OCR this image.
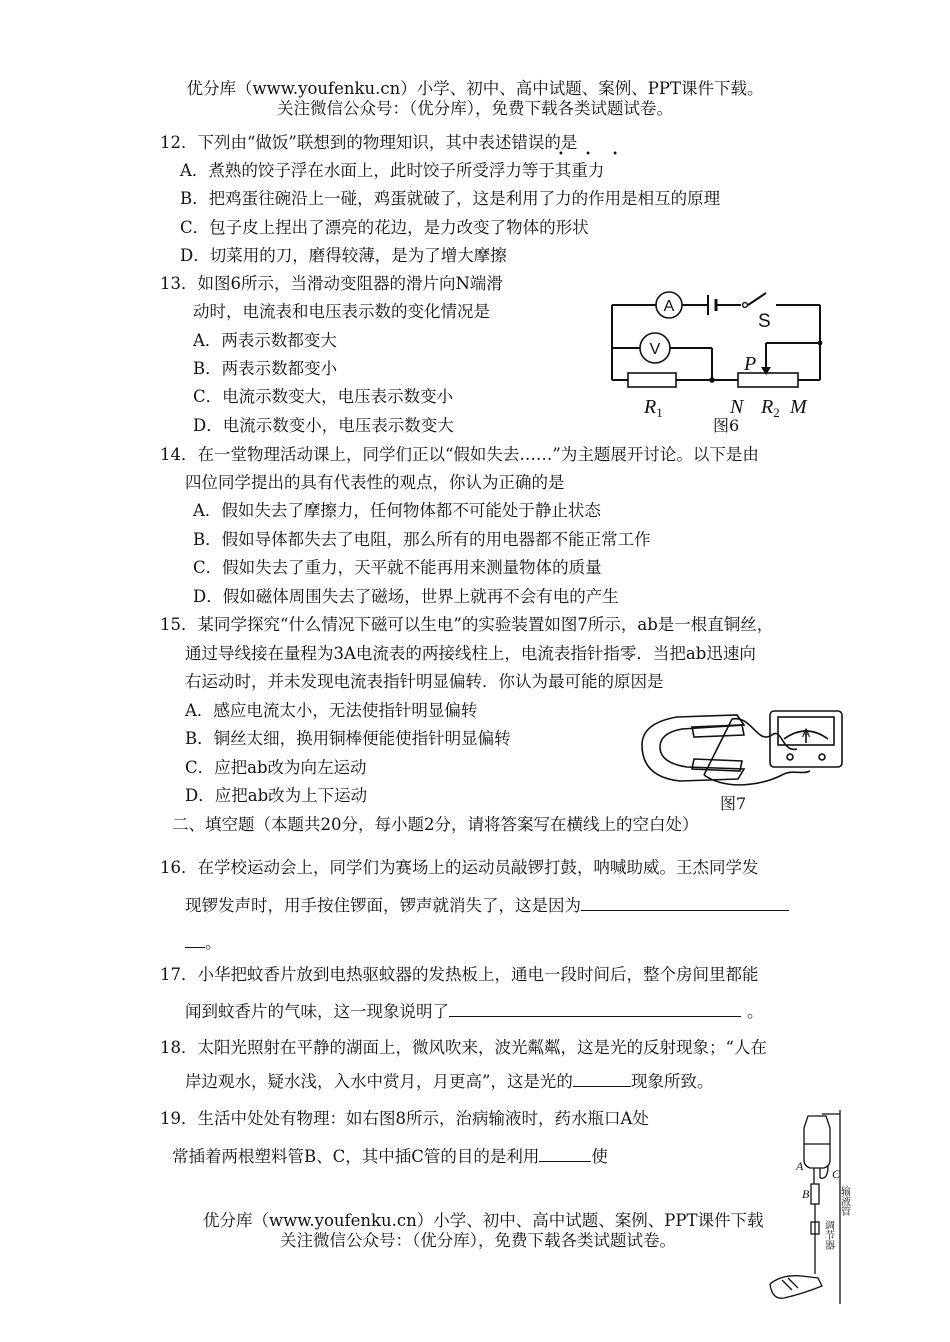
优分库（www.youfenku.cn）小学、初中、高中试题、案例、PPT课件下载。
关注微信公众号：（优分库），免费下载各类试题试卷。
12．下列由“做饭”联想到的物理知识，其中表述错误的是
• • •
A．煮熟的饺子浮在水面上，此时饺子所受浮力等于其重力
B．把鸡蛋往碗沿上一碰，鸡蛋就破了，这是利用了力的作用是相互的原理
C．包子皮上捏出了漂亮的花边，是力改变了物体的形状
D．切菜用的刀，磨得较薄，是为了增大摩擦
13．如图6所示，当滑动变阻器的滑片向N端滑
动时，电流表和电压表示数的变化情况是
A．两表示数都变大
B．两表示数都变小
C．电流示数变大，电压表示数变小
D．电流示数变小，电压表示数变大
A
V
S
P
$R_1$	N $R_2$ M
图6
14．在一堂物理活动课上，同学们正以“假如失去……”为主题展开讨论。以下是由
四位同学提出的具有代表性的观点，你认为正确的是
A．假如失去了摩擦力，任何物体都不可能处于静止状态
B．假如导体都失去了电阻，那么所有的用电器都不能正常工作
C．假如失去了重力，天平就不能再用来测量物体的质量
D．假如磁体周围失去了磁场，世界上就再不会有电的产生
15．某同学探究“什么情况下磁可以生电”的实验装置如图7所示，ab是一根直铜丝，
通过导线接在量程为3A电流表的两接线柱上，电流表指针指零．当把ab迅速向
右运动时，并未发现电流表指针明显偏转．你认为最可能的原因是
A．感应电流太小，无法使指针明显偏转
B．铜丝太细，换用铜棒便能使指针明显偏转
C．应把ab改为向左运动
D．应把ab改为上下运动
A
图7
二、填空题（本题共20分，每小题2分，请将答案写在横线上的空白处）
16．在学校运动会上，同学们为赛场上的运动员敲锣打鼓，呐喊助威。王杰同学发
现锣发声时，用手按住锣面，锣声就消失了，这是因为
。
17．小华把蚊香片放到电热驱蚊器的发热板上，通电一段时间后，整个房间里都能
闻到蚊香片的气味，这一现象说明了	。
18．太阳光照射在平静的湖面上，微风吹来，波光粼粼，这是光的反射现象；“人在
岸边观水，疑水浅，入水中赏月，月更高”，这是光的	现象所致。
19．生活中处处有物理：如右图8所示，治病输液时，药水瓶口A处
常插着两根塑料管B、C，其中插C管的目的是利用	使	A
B
C
输液管
调节器
优分库（www.youfenku.cn）小学、初中、高中试题、案例、PPT课件下载
关注微信公众号：（优分库），免费下载各类试题试卷。
